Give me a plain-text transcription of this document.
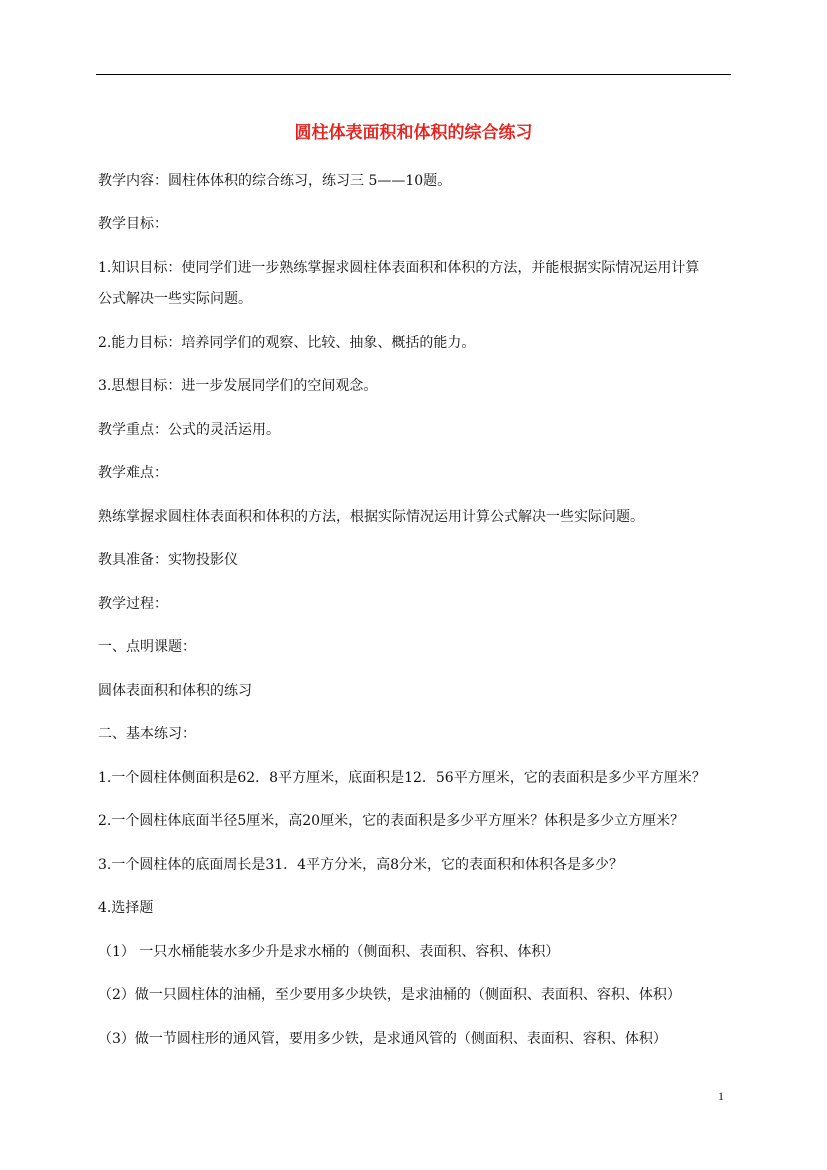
圆柱体表面积和体积的综合练习
教学内容：圆柱体体积的综合练习，练习三 5——10题。
教学目标：
1.知识目标：使同学们进一步熟练掌握求圆柱体表面积和体积的方法，并能根据实际情况运用计算
公式解决一些实际问题。
2.能力目标：培养同学们的观察、比较、抽象、概括的能力。
3.思想目标：进一步发展同学们的空间观念。
教学重点：公式的灵活运用。
教学难点：
熟练掌握求圆柱体表面积和体积的方法，根据实际情况运用计算公式解决一些实际问题。
教具准备：实物投影仪
教学过程：
一、点明课题：
圆体表面积和体积的练习
二、基本练习：
1.一个圆柱体侧面积是62．8平方厘米，底面积是12．56平方厘米，它的表面积是多少平方厘米？
2.一个圆柱体底面半径5厘米，高20厘米，它的表面积是多少平方厘米？体积是多少立方厘米？
3.一个圆柱体的底面周长是31．4平方分米，高8分米，它的表面积和体积各是多少？
4.选择题
（1） 一只水桶能装水多少升是求水桶的（侧面积、表面积、容积、体积）
（2）做一只圆柱体的油桶，至少要用多少块铁，是求油桶的（侧面积、表面积、容积、体积）
（3）做一节圆柱形的通风管，要用多少铁，是求通风管的（侧面积、表面积、容积、体积）
1
